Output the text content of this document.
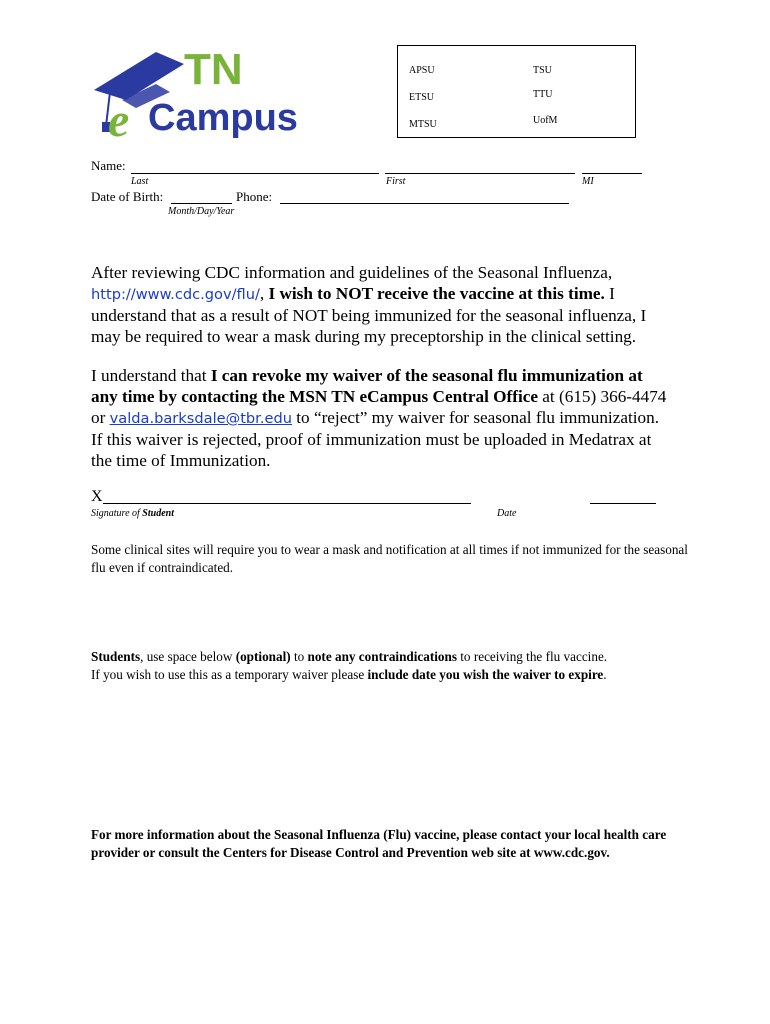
TN
e Campus
APSU	TSU
ETSU	TTU
MTSU	UofM
Name:
Last	First	MI
Date of Birth:	Phone:
Month/Day/Year
After reviewing CDC information and guidelines of the Seasonal Influenza,
http://www.cdc.gov/flu/, I wish to NOT receive the vaccine at this time. I understand that as a result of NOT being immunized for the seasonal influenza, I may be required to wear a mask during my preceptorship in the clinical setting.
I understand that I can revoke my waiver of the seasonal flu immunization at any time by contacting the MSN TN eCampus Central Office at (615) 366-4474 or valda.barksdale@tbr.edu to “reject” my waiver for seasonal flu immunization. If this waiver is rejected, proof of immunization must be uploaded in Medatrax at the time of Immunization.
X
Signature of Student	Date
Some clinical sites will require you to wear a mask and notification at all times if not immunized for the seasonal flu even if contraindicated.
Students, use space below (optional) to note any contraindications to receiving the flu vaccine.
If you wish to use this as a temporary waiver please include date you wish the waiver to expire.
For more information about the Seasonal Influenza (Flu) vaccine, please contact your local health care provider or consult the Centers for Disease Control and Prevention web site at www.cdc.gov.
